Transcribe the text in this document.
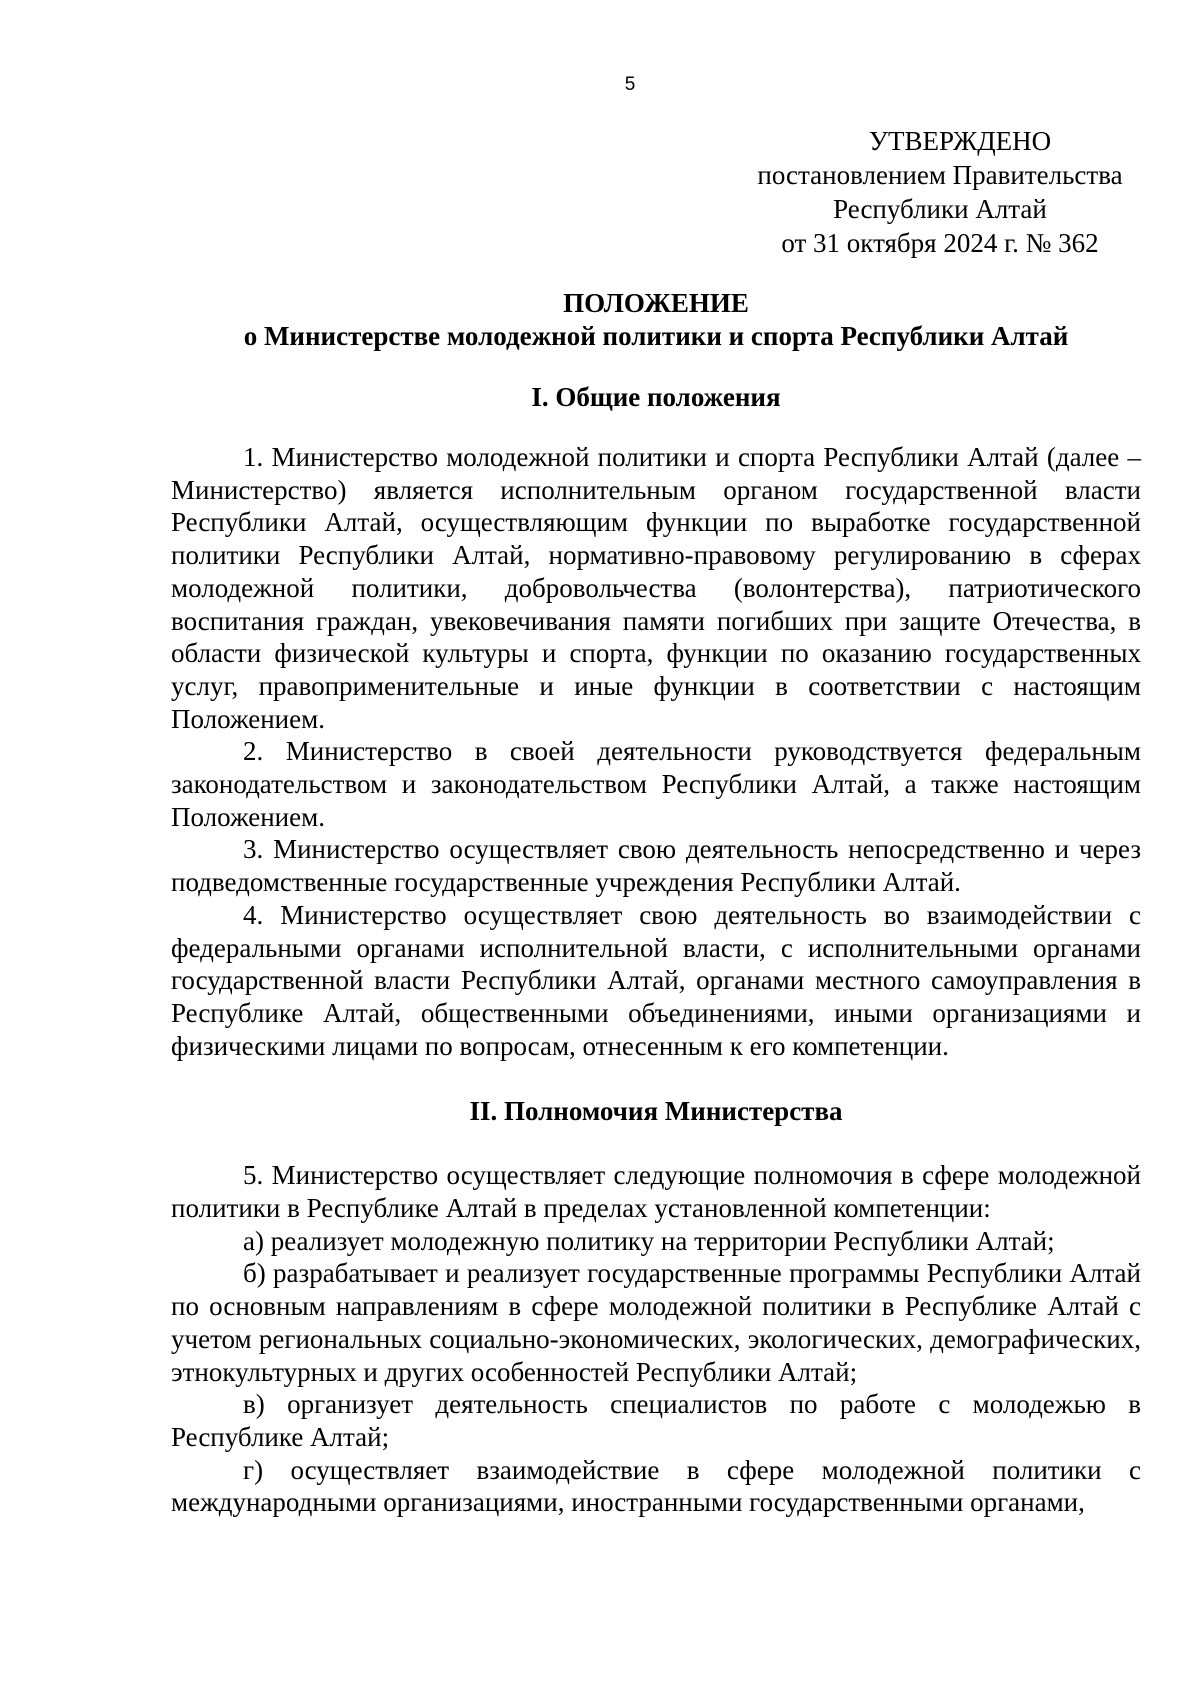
5
УТВЕРЖДЕНО
постановлением Правительства
Республики Алтай
от 31 октября 2024 г. № 362
ПОЛОЖЕНИЕ
о Министерстве молодежной политики и спорта Республики Алтай
I. Общие положения

1. Министерство молодежной политики и спорта Республики Алтай (далее – Министерство) является исполнительным органом государственной власти Республики Алтай, осуществляющим функции по выработке государственной политики Республики Алтай, нормативно-правовому регулированию в сферах молодежной политики, добровольчества (волонтерства), патриотического воспитания граждан, увековечивания памяти погибших при защите Отечества, в области физической культуры и спорта, функции по оказанию государственных услуг, правоприменительные и иные функции в соответствии с настоящим Положением.

2. Министерство в своей деятельности руководствуется федеральным законодательством и законодательством Республики Алтай, а также настоящим Положением.

3. Министерство осуществляет свою деятельность непосредственно и через подведомственные государственные учреждения Республики Алтай.

4. Министерство осуществляет свою деятельность во взаимодействии с федеральными органами исполнительной власти, с исполнительными органами государственной власти Республики Алтай, органами местного самоуправления в Республике Алтай, общественными объединениями, иными организациями и физическими лицами по вопросам, отнесенным к его компетенции.

II. Полномочия Министерства

5. Министерство осуществляет следующие полномочия в сфере молодежной политики в Республике Алтай в пределах установленной компетенции:

а) реализует молодежную политику на территории Республики Алтай;

б) разрабатывает и реализует государственные программы Республики Алтай по основным направлениям в сфере молодежной политики в Республике Алтай с учетом региональных социально-экономических, экологических, демографических, этнокультурных и других особенностей Республики Алтай;

в) организует деятельность специалистов по работе с молодежью в Республике Алтай;

г) осуществляет взаимодействие в сфере молодежной политики с международными организациями, иностранными государственными органами,
